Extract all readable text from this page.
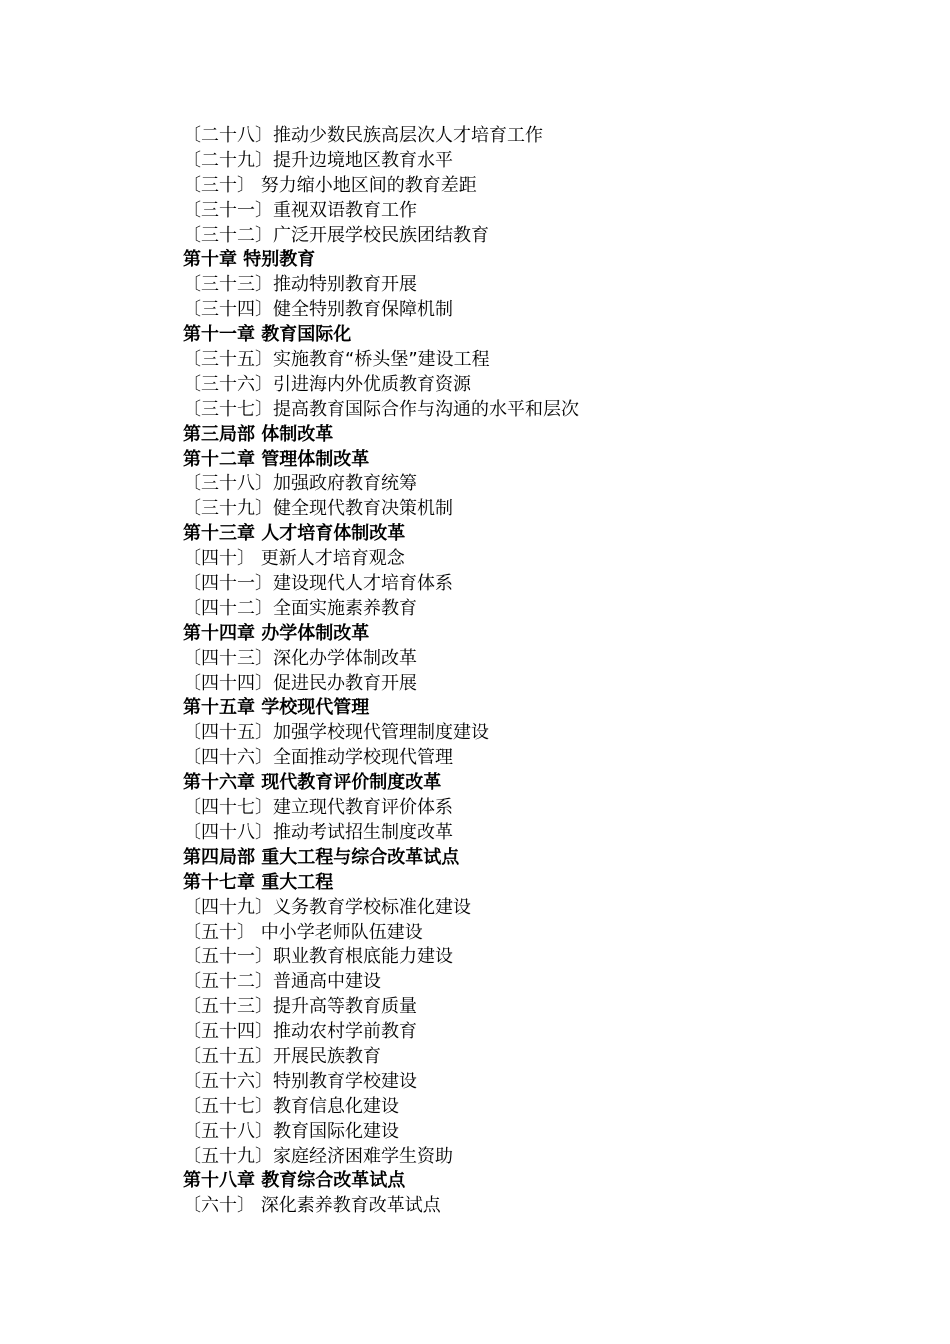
〔二十八〕推动少数民族高层次人才培育工作
〔二十九〕提升边境地区教育水平
〔三十〕 努力缩小地区间的教育差距
〔三十一〕重视双语教育工作
〔三十二〕广泛开展学校民族团结教育
第十章 特别教育
〔三十三〕推动特别教育开展
〔三十四〕健全特别教育保障机制
第十一章 教育国际化
〔三十五〕实施教育“桥头堡”建设工程
〔三十六〕引进海内外优质教育资源
〔三十七〕提高教育国际合作与沟通的水平和层次
第三局部 体制改革
第十二章 管理体制改革
〔三十八〕加强政府教育统筹
〔三十九〕健全现代教育决策机制
第十三章 人才培育体制改革
〔四十〕 更新人才培育观念
〔四十一〕建设现代人才培育体系
〔四十二〕全面实施素养教育
第十四章 办学体制改革
〔四十三〕深化办学体制改革
〔四十四〕促进民办教育开展
第十五章 学校现代管理
〔四十五〕加强学校现代管理制度建设
〔四十六〕全面推动学校现代管理
第十六章 现代教育评价制度改革
〔四十七〕建立现代教育评价体系
〔四十八〕推动考试招生制度改革
第四局部 重大工程与综合改革试点
第十七章 重大工程
〔四十九〕义务教育学校标准化建设
〔五十〕 中小学老师队伍建设
〔五十一〕职业教育根底能力建设
〔五十二〕普通高中建设
〔五十三〕提升高等教育质量
〔五十四〕推动农村学前教育
〔五十五〕开展民族教育
〔五十六〕特别教育学校建设
〔五十七〕教育信息化建设
〔五十八〕教育国际化建设
〔五十九〕家庭经济困难学生资助
第十八章 教育综合改革试点
〔六十〕 深化素养教育改革试点
